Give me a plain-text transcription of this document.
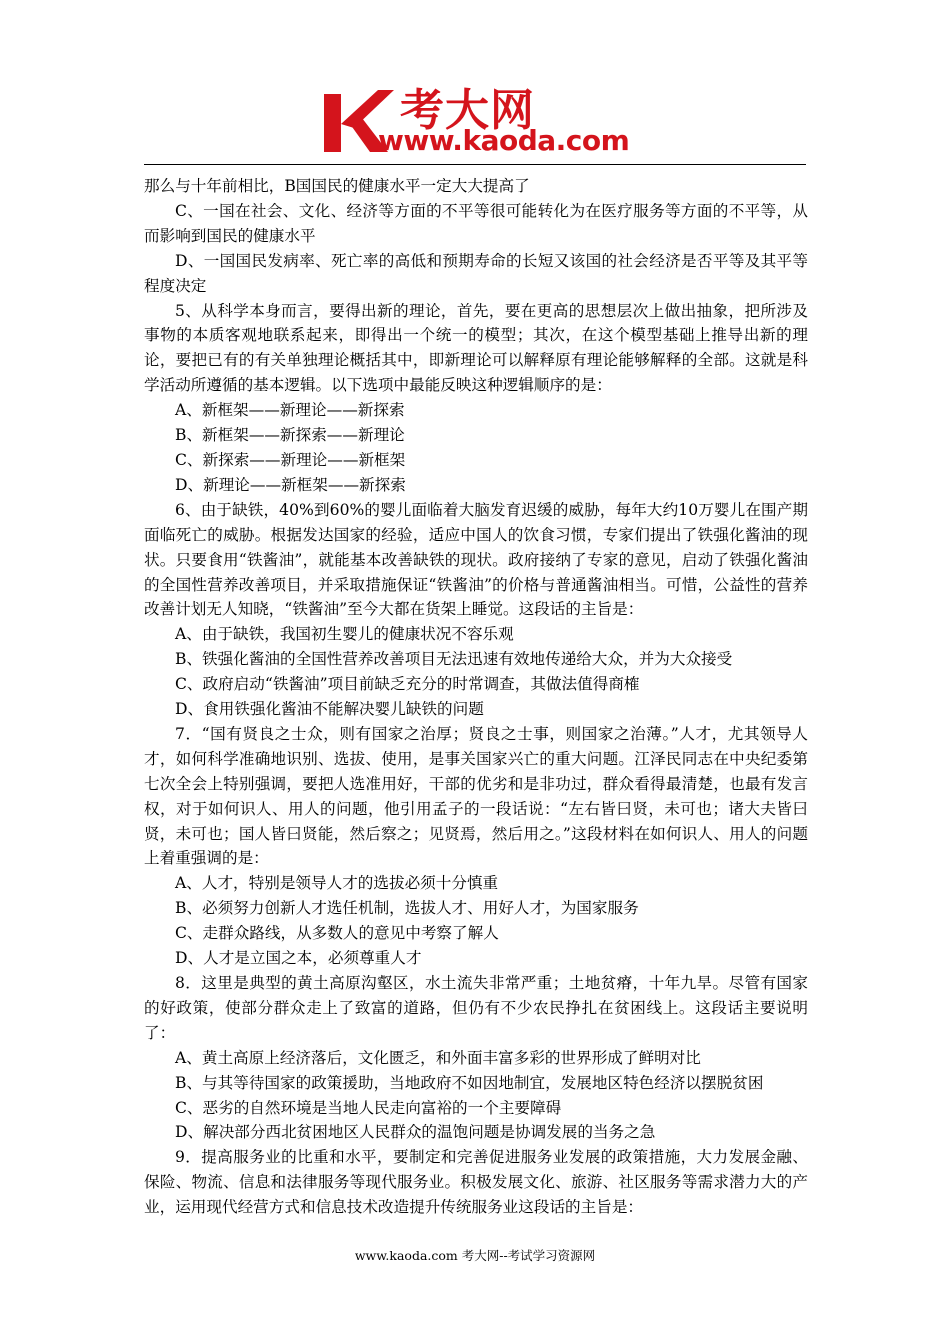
考大网
www.kaoda.com

那么与十年前相比，B国国民的健康水平一定大大提高了

C、一国在社会、文化、经济等方面的不平等很可能转化为在医疗服务等方面的不平等，从而影响到国民的健康水平

D、一国国民发病率、死亡率的高低和预期寿命的长短又该国的社会经济是否平等及其平等程度决定

5、从科学本身而言，要得出新的理论，首先，要在更高的思想层次上做出抽象，把所涉及事物的本质客观地联系起来，即得出一个统一的模型；其次，在这个模型基础上推导出新的理论，要把已有的有关单独理论概括其中，即新理论可以解释原有理论能够解释的全部。这就是科学活动所遵循的基本逻辑。以下选项中最能反映这种逻辑顺序的是：

A、新框架——新理论——新探索

B、新框架——新探索——新理论

C、新探索——新理论——新框架

D、新理论——新框架——新探索

6、由于缺铁，40%到60%的婴儿面临着大脑发育迟缓的威胁，每年大约10万婴儿在围产期面临死亡的威胁。根据发达国家的经验，适应中国人的饮食习惯，专家们提出了铁强化酱油的现状。只要食用“铁酱油”，就能基本改善缺铁的现状。政府接纳了专家的意见，启动了铁强化酱油的全国性营养改善项目，并采取措施保证“铁酱油”的价格与普通酱油相当。可惜，公益性的营养改善计划无人知晓，“铁酱油”至今大都在货架上睡觉。这段话的主旨是：

A、由于缺铁，我国初生婴儿的健康状况不容乐观

B、铁强化酱油的全国性营养改善项目无法迅速有效地传递给大众，并为大众接受

C、政府启动“铁酱油”项目前缺乏充分的时常调查，其做法值得商榷

D、食用铁强化酱油不能解决婴儿缺铁的问题

7．“国有贤良之士众，则有国家之治厚；贤良之士事，则国家之治薄。”人才，尤其领导人才，如何科学准确地识别、选拔、使用，是事关国家兴亡的重大问题。江泽民同志在中央纪委第七次全会上特别强调，要把人选准用好，干部的优劣和是非功过，群众看得最清楚，也最有发言权，对于如何识人、用人的问题，他引用孟子的一段话说：“左右皆曰贤，未可也；诸大夫皆曰贤，未可也；国人皆曰贤能，然后察之；见贤焉，然后用之。”这段材料在如何识人、用人的问题上着重强调的是：

A、人才，特别是领导人才的选拔必须十分慎重

B、必须努力创新人才选任机制，选拔人才、用好人才，为国家服务

C、走群众路线，从多数人的意见中考察了解人

D、人才是立国之本，必须尊重人才

8．这里是典型的黄土高原沟壑区，水土流失非常严重；土地贫瘠，十年九旱。尽管有国家的好政策，使部分群众走上了致富的道路，但仍有不少农民挣扎在贫困线上。这段话主要说明了：

A、黄土高原上经济落后，文化匮乏，和外面丰富多彩的世界形成了鲜明对比

B、与其等待国家的政策援助，当地政府不如因地制宜，发展地区特色经济以摆脱贫困

C、恶劣的自然环境是当地人民走向富裕的一个主要障碍

D、解决部分西北贫困地区人民群众的温饱问题是协调发展的当务之急

9．提高服务业的比重和水平，要制定和完善促进服务业发展的政策措施，大力发展金融、保险、物流、信息和法律服务等现代服务业。积极发展文化、旅游、社区服务等需求潜力大的产业，运用现代经营方式和信息技术改造提升传统服务业这段话的主旨是：

www.kaoda.com 考大网--考试学习资源网
